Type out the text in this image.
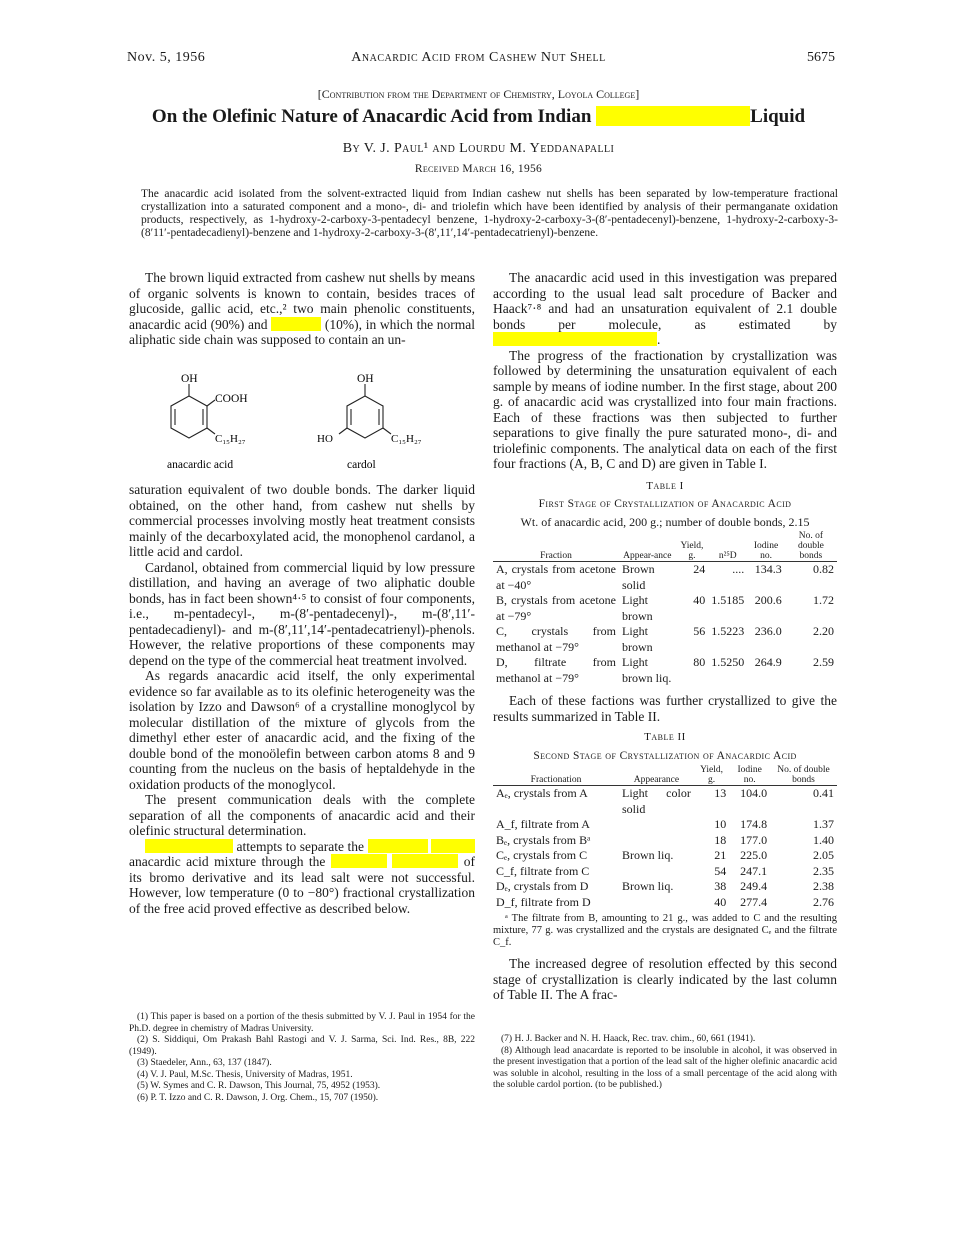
Nov. 5, 1956	Anacardic Acid from Cashew Nut Shell	5675
[Contribution from the Department of Chemistry, Loyola College]
On the Olefinic Nature of Anacardic Acid from Indian	Liquid
By V. J. Paul¹ and Lourdu M. Yeddanapalli
Received March 16, 1956
The anacardic acid isolated from the solvent-extracted liquid from Indian cashew nut shells has been separated by low-temperature fractional crystallization into a saturated component and a mono-, di- and triolefin which have been identified by analysis of their permanganate oxidation products, respectively, as 1-hydroxy-2-carboxy-3-pentadecyl benzene, 1-hydroxy-2-carboxy-3-(8′-pentadecenyl)-benzene, 1-hydroxy-2-carboxy-3-(8′11′-pentadecadienyl)-benzene and 1-hydroxy-2-carboxy-3-(8′,11′,14′-pentadecatrienyl)-benzene.

The brown liquid extracted from cashew nut shells by means of organic solvents is known to contain, besides traces of glucoside, gallic acid, etc.,² two main phenolic constituents, anacardic acid (90%) and	(10%), in which the normal aliphatic side chain was supposed to contain an un-

OH
COOH
C₁₅H₂₇
anacardic acid
OH
HO	C₁₅H₂₇
cardol

saturation equivalent of two double bonds. The darker liquid obtained, on the other hand, from cashew nut shells by commercial processes involving mostly heat treatment consists mainly of the decarboxylated acid, the monophenol cardanol, a little acid and cardol.

Cardanol, obtained from commercial liquid by low pressure distillation, and having an average of two aliphatic double bonds, has in fact been shown⁴·⁵ to consist of four components, i.e., m-pentadecyl-, m-(8′-pentadecenyl)-, m-(8′,11′-pentadecadienyl)- and m-(8′,11′,14′-pentadecatrienyl)-phenols. However, the relative proportions of these components may depend on the type of the commercial heat treatment involved.

As regards anacardic acid itself, the only experimental evidence so far available as to its olefinic heterogeneity was the isolation by Izzo and Dawson⁶ of a crystalline monoglycol by molecular distillation of the mixture of glycols from the dimethyl ether ester of anacardic acid, and the fixing of the double bond of the monoölefin between carbon atoms 8 and 9 counting from the nucleus on the basis of heptaldehyde in the oxidation products of the monoglycol.

The present communication deals with the complete separation of all the components of anacardic acid and their olefinic structural determination.

attempts to separate the   anacardic acid mixture through the	of its bromo derivative and its lead salt were not successful. However, low temperature (0 to −80°) fractional crystallization of the free acid proved effective as described below.

(1) This paper is based on a portion of the thesis submitted by V. J. Paul in 1954 for the Ph.D. degree in chemistry of Madras University.

(2) S. Siddiqui, Om Prakash Bahl Rastogi and V. J. Sarma, Sci. Ind. Res., 8B, 222 (1949).

(3) Staedeler, Ann., 63, 137 (1847).

(4) V. J. Paul, M.Sc. Thesis, University of Madras, 1951.

(5) W. Symes and C. R. Dawson, This Journal, 75, 4952 (1953).

(6) P. T. Izzo and C. R. Dawson, J. Org. Chem., 15, 707 (1950).

The anacardic acid used in this investigation was prepared according to the usual lead salt procedure of Backer and Haack⁷·⁸ and had an unsaturation equivalent of 2.1 double bonds per molecule, as estimated by .

The progress of the fractionation by crystallization was followed by determining the unsaturation equivalent of each sample by means of iodine number. In the first stage, about 200 g. of anacardic acid was crystallized into four main fractions. Each of these fractions was then subjected to further separations to give finally the pure saturated mono-, di- and triolefinic components. The analytical data on each of the first four fractions (A, B, C and D) are given in Table I.

Table I
First Stage of Crystallization of Anacardic Acid
Wt. of anacardic acid, 200 g.; number of double bonds, 2.15
Fraction	Appear-ance	Yield, g.	n²⁵D	Iodine no.	No. of double bonds

A, crystals from acetone at −40°	Brown solid	24	....	134.3	0.82
B, crystals from acetone at −79°	Light brown	40	1.5185	200.6	1.72
C, crystals from methanol at −79°	Light brown	56	1.5223	236.0	2.20
D, filtrate from methanol at −79°	Light brown liq.	80	1.5250	264.9	2.59

Each of these factions was further crystallized to give the results summarized in Table II.

Table II
Second Stage of Crystallization of Anacardic Acid
Fractionation	Appearance	Yield, g.	Iodine no.	No. of double bonds

Aₑ, crystals from A	Light color solid	13	104.0	0.41
A_f, filtrate from A		10	174.8	1.37
Bₑ, crystals from Bᵃ		18	177.0	1.40
Cₑ, crystals from C	Brown liq.	21	225.0	2.05
C_f, filtrate from C		54	247.1	2.35
Dₑ, crystals from D	Brown liq.	38	249.4	2.38
D_f, filtrate from D		40	277.4	2.76
ᵃ The filtrate from B, amounting to 21 g., was added to C and the resulting mixture, 77 g. was crystallized and the crystals are designated Cₑ and the filtrate C_f.

The increased degree of resolution effected by this second stage of crystallization is clearly indicated by the last column of Table II. The A frac-

(7) H. J. Backer and N. H. Haack, Rec. trav. chim., 60, 661 (1941).

(8) Although lead anacardate is reported to be insoluble in alcohol, it was observed in the present investigation that a portion of the lead salt of the higher olefinic anacardic acid was soluble in alcohol, resulting in the loss of a small percentage of the acid along with the soluble cardol portion. (to be published.)
